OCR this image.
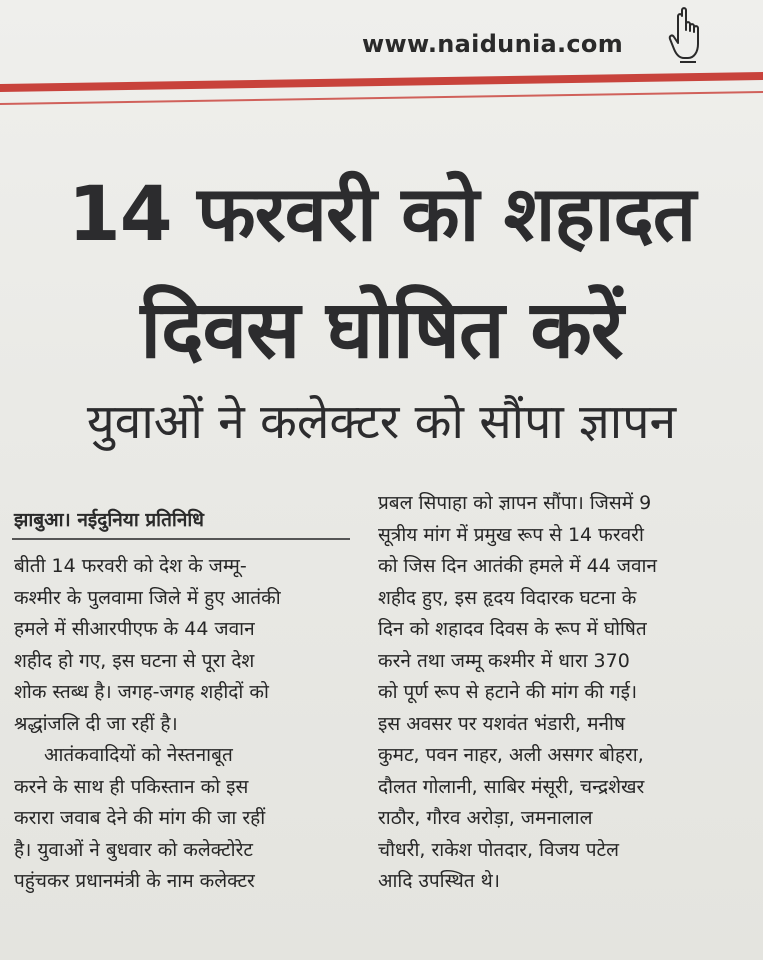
www.naidunia.com
14 फरवरी को शहादत
दिवस घोषित करें
युवाओं ने कलेक्टर को सौंपा ज्ञापन
झाबुआ। नईदुनिया प्रतिनिधि
बीती 14 फरवरी को देश के जम्मू-
कश्मीर के पुलवामा जिले में हुए आतंकी
हमले में सीआरपीएफ के 44 जवान
शहीद हो गए, इस घटना से पूरा देश
शोक स्तब्ध है। जगह-जगह शहीदों को
श्रद्धांजलि दी जा रहीं है।
आतंकवादियों को नेस्तनाबूत
करने के साथ ही पकिस्तान को इस
करारा जवाब देने की मांग की जा रहीं
है। युवाओं ने बुधवार को कलेक्टोरेट
पहुंचकर प्रधानमंत्री के नाम कलेक्टर
प्रबल सिपाहा को ज्ञापन सौंपा। जिसमें 9
सूत्रीय मांग में प्रमुख रूप से 14 फरवरी
को जिस दिन आतंकी हमले में 44 जवान
शहीद हुए, इस हृदय विदारक घटना के
दिन को शहादव दिवस के रूप में घोषित
करने तथा जम्मू कश्मीर में धारा 370
को पूर्ण रूप से हटाने की मांग की गई।
इस अवसर पर यशवंत भंडारी, मनीष
कुमट, पवन नाहर, अली असगर बोहरा,
दौलत गोलानी, साबिर मंसूरी, चन्द्रशेखर
राठौर, गौरव अरोड़ा, जमनालाल
चौधरी, राकेश पोतदार, विजय पटेल
आदि उपस्थित थे।
